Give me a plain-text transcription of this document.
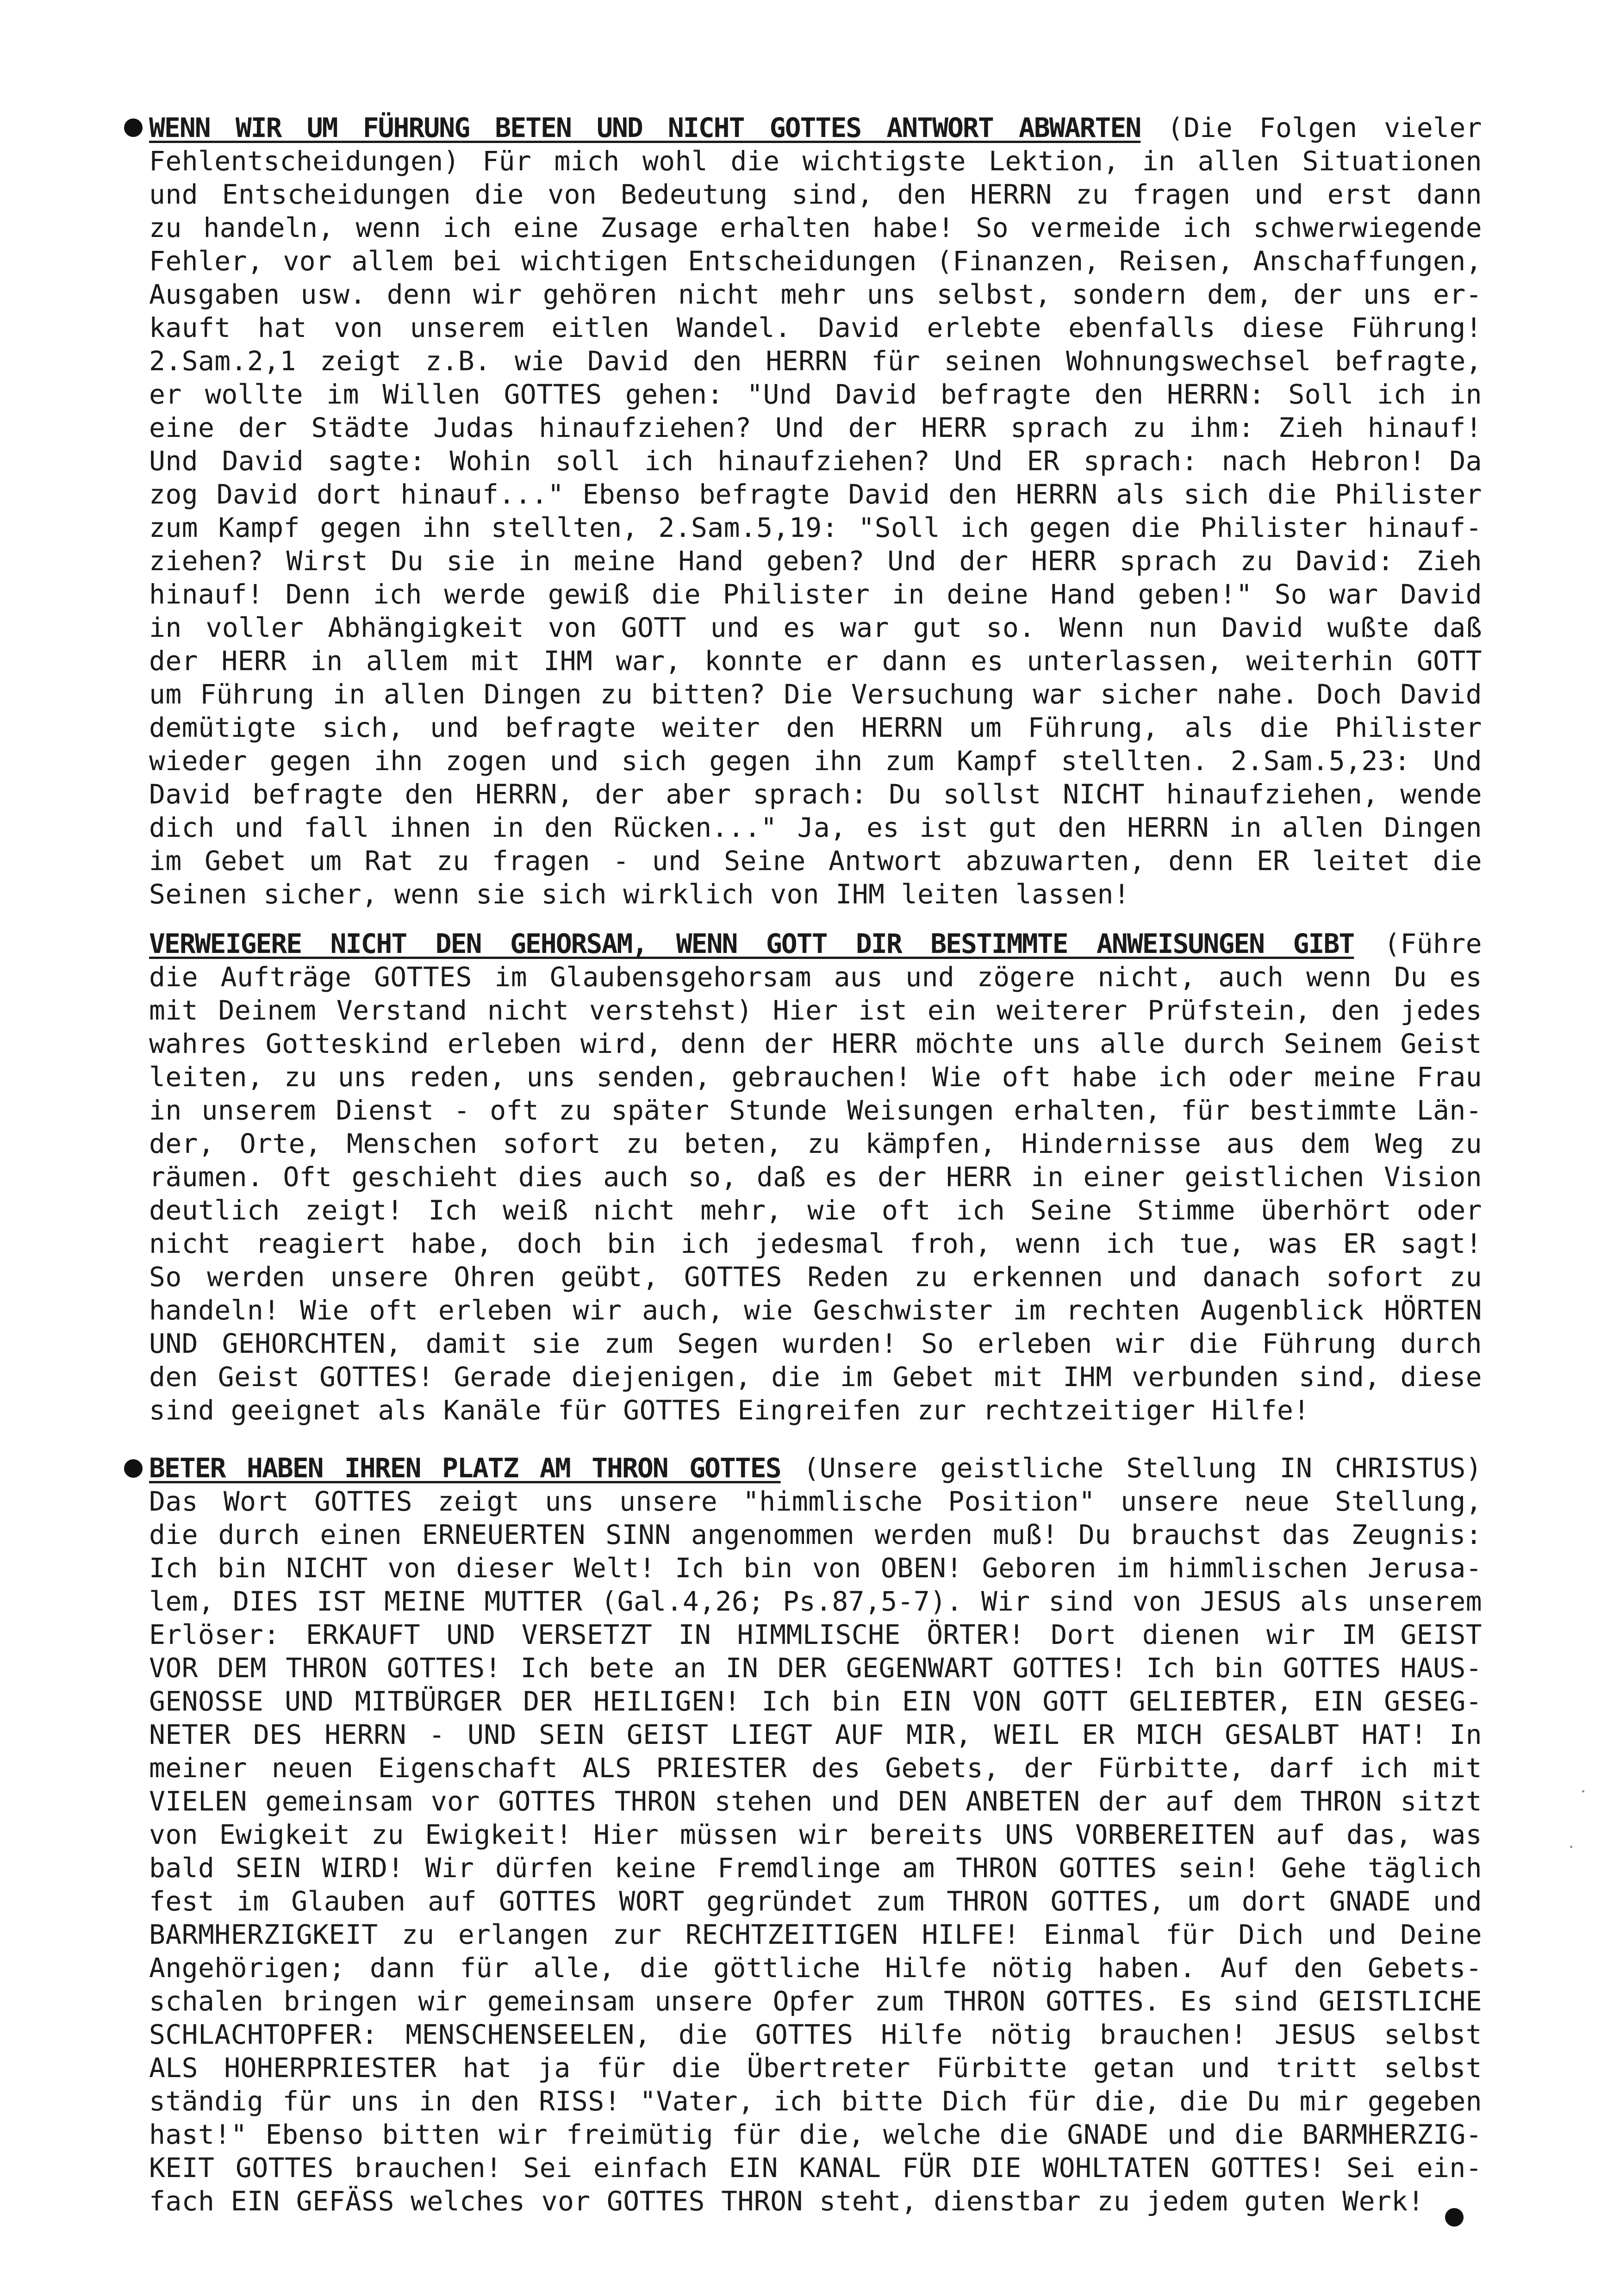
WENN WIR UM FÜHRUNG BETEN UND NICHT GOTTES ANTWORT ABWARTEN (Die Folgen vieler
Fehlentscheidungen) Für mich wohl die wichtigste Lektion, in allen Situationen
und Entscheidungen die von Bedeutung sind, den HERRN zu fragen und erst dann
zu handeln, wenn ich eine Zusage erhalten habe! So vermeide ich schwerwiegende
Fehler, vor allem bei wichtigen Entscheidungen (Finanzen, Reisen, Anschaffungen,
Ausgaben usw. denn wir gehören nicht mehr uns selbst, sondern dem, der uns er-
kauft hat von unserem eitlen Wandel. David erlebte ebenfalls diese Führung!
2.Sam.2,1 zeigt z.B. wie David den HERRN für seinen Wohnungswechsel befragte,
er wollte im Willen GOTTES gehen: "Und David befragte den HERRN: Soll ich in
eine der Städte Judas hinaufziehen? Und der HERR sprach zu ihm: Zieh hinauf!
Und David sagte: Wohin soll ich hinaufziehen? Und ER sprach: nach Hebron! Da
zog David dort hinauf..." Ebenso befragte David den HERRN als sich die Philister
zum Kampf gegen ihn stellten, 2.Sam.5,19: "Soll ich gegen die Philister hinauf-
ziehen? Wirst Du sie in meine Hand geben? Und der HERR sprach zu David: Zieh
hinauf! Denn ich werde gewiß die Philister in deine Hand geben!" So war David
in voller Abhängigkeit von GOTT und es war gut so. Wenn nun David wußte daß
der HERR in allem mit IHM war, konnte er dann es unterlassen, weiterhin GOTT
um Führung in allen Dingen zu bitten? Die Versuchung war sicher nahe. Doch David
demütigte sich, und befragte weiter den HERRN um Führung, als die Philister
wieder gegen ihn zogen und sich gegen ihn zum Kampf stellten. 2.Sam.5,23: Und
David befragte den HERRN, der aber sprach: Du sollst NICHT hinaufziehen, wende
dich und fall ihnen in den Rücken..." Ja, es ist gut den HERRN in allen Dingen
im Gebet um Rat zu fragen - und Seine Antwort abzuwarten, denn ER leitet die
Seinen sicher, wenn sie sich wirklich von IHM leiten lassen!
VERWEIGERE NICHT DEN GEHORSAM, WENN GOTT DIR BESTIMMTE ANWEISUNGEN GIBT (Führe
die Aufträge GOTTES im Glaubensgehorsam aus und zögere nicht, auch wenn Du es
mit Deinem Verstand nicht verstehst) Hier ist ein weiterer Prüfstein, den jedes
wahres Gotteskind erleben wird, denn der HERR möchte uns alle durch Seinem Geist
leiten, zu uns reden, uns senden, gebrauchen! Wie oft habe ich oder meine Frau
in unserem Dienst - oft zu später Stunde Weisungen erhalten, für bestimmte Län-
der, Orte, Menschen sofort zu beten, zu kämpfen, Hindernisse aus dem Weg zu
räumen. Oft geschieht dies auch so, daß es der HERR in einer geistlichen Vision
deutlich zeigt! Ich weiß nicht mehr, wie oft ich Seine Stimme überhört oder
nicht reagiert habe, doch bin ich jedesmal froh, wenn ich tue, was ER sagt!
So werden unsere Ohren geübt, GOTTES Reden zu erkennen und danach sofort zu
handeln! Wie oft erleben wir auch, wie Geschwister im rechten Augenblick HÖRTEN
UND GEHORCHTEN, damit sie zum Segen wurden! So erleben wir die Führung durch
den Geist GOTTES! Gerade diejenigen, die im Gebet mit IHM verbunden sind, diese
sind geeignet als Kanäle für GOTTES Eingreifen zur rechtzeitiger Hilfe!
BETER HABEN IHREN PLATZ AM THRON GOTTES (Unsere geistliche Stellung IN CHRISTUS)
Das Wort GOTTES zeigt uns unsere "himmlische Position" unsere neue Stellung,
die durch einen ERNEUERTEN SINN angenommen werden muß! Du brauchst das Zeugnis:
Ich bin NICHT von dieser Welt! Ich bin von OBEN! Geboren im himmlischen Jerusa-
lem, DIES IST MEINE MUTTER (Gal.4,26; Ps.87,5-7). Wir sind von JESUS als unserem
Erlöser: ERKAUFT UND VERSETZT IN HIMMLISCHE ÖRTER! Dort dienen wir IM GEIST
VOR DEM THRON GOTTES! Ich bete an IN DER GEGENWART GOTTES! Ich bin GOTTES HAUS-
GENOSSE UND MITBÜRGER DER HEILIGEN! Ich bin EIN VON GOTT GELIEBTER, EIN GESEG-
NETER DES HERRN - UND SEIN GEIST LIEGT AUF MIR, WEIL ER MICH GESALBT HAT! In
meiner neuen Eigenschaft ALS PRIESTER des Gebets, der Fürbitte, darf ich mit
VIELEN gemeinsam vor GOTTES THRON stehen und DEN ANBETEN der auf dem THRON sitzt
von Ewigkeit zu Ewigkeit! Hier müssen wir bereits UNS VORBEREITEN auf das, was
bald SEIN WIRD! Wir dürfen keine Fremdlinge am THRON GOTTES sein! Gehe täglich
fest im Glauben auf GOTTES WORT gegründet zum THRON GOTTES, um dort GNADE und
BARMHERZIGKEIT zu erlangen zur RECHTZEITIGEN HILFE! Einmal für Dich und Deine
Angehörigen; dann für alle, die göttliche Hilfe nötig haben. Auf den Gebets-
schalen bringen wir gemeinsam unsere Opfer zum THRON GOTTES. Es sind GEISTLICHE
SCHLACHTOPFER: MENSCHENSEELEN, die GOTTES Hilfe nötig brauchen! JESUS selbst
ALS HOHERPRIESTER hat ja für die Übertreter Fürbitte getan und tritt selbst
ständig für uns in den RISS! "Vater, ich bitte Dich für die, die Du mir gegeben
hast!" Ebenso bitten wir freimütig für die, welche die GNADE und die BARMHERZIG-
KEIT GOTTES brauchen! Sei einfach EIN KANAL FÜR DIE WOHLTATEN GOTTES! Sei ein-
fach EIN GEFÄSS welches vor GOTTES THRON steht, dienstbar zu jedem guten Werk!
